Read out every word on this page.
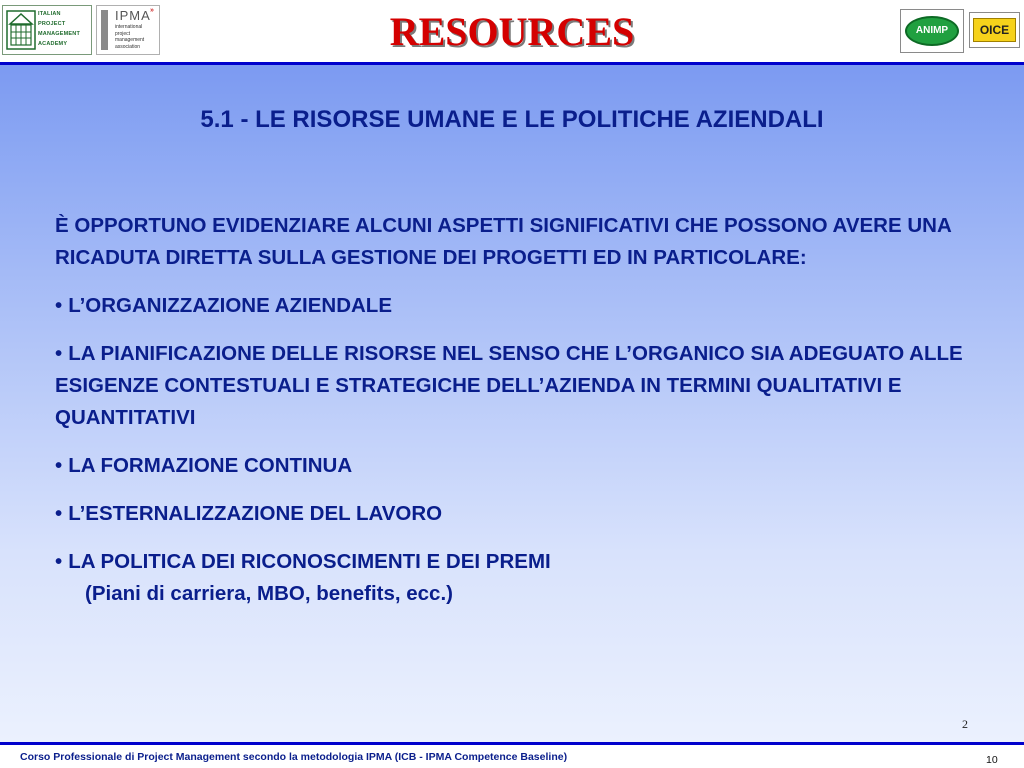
ITALIAN
PROJECT
MANAGEMENT
ACADEMY
IPMA »
international
project
management
association	RESOURCES	ANIMP	OICE
5.1 - LE RISORSE UMANE E LE POLITICHE AZIENDALI

È OPPORTUNO EVIDENZIARE ALCUNI ASPETTI SIGNIFICATIVI CHE POSSONO AVERE UNA RICADUTA DIRETTA SULLA GESTIONE DEI PROGETTI ED IN PARTICOLARE:

• L’ORGANIZZAZIONE AZIENDALE

• LA PIANIFICAZIONE DELLE RISORSE NEL SENSO CHE L’ORGANICO SIA ADEGUATO ALLE ESIGENZE CONTESTUALI E STRATEGICHE DELL’AZIENDA IN TERMINI QUALITATIVI E QUANTITATIVI

• LA FORMAZIONE CONTINUA

• L’ESTERNALIZZAZIONE DEL LAVORO

• LA POLITICA DEI RICONOSCIMENTI E DEI PREMI
(Piani di carriera, MBO, benefits, ecc.)

2
Corso Professionale di Project Management secondo la metodologia IPMA (ICB - IPMA Competence Baseline)	10
